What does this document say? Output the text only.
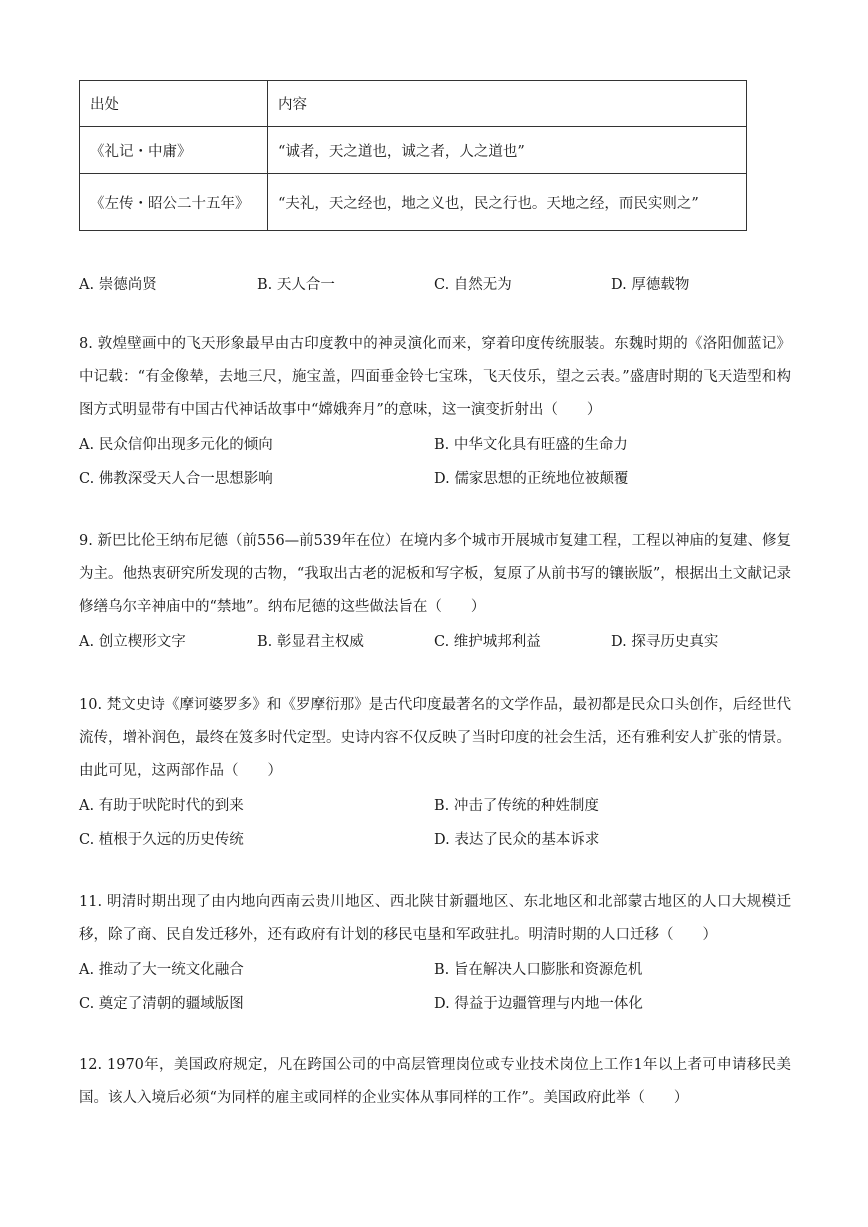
出处	内容
《礼记・中庸》	“诚者，天之道也，诚之者，人之道也”
《左传・昭公二十五年》	“夫礼，天之经也，地之义也，民之行也。天地之经，而民实则之”
A. 崇德尚贤	B. 天人合一	C. 自然无为	D. 厚德载物
8. 敦煌壁画中的飞天形象最早由古印度教中的神灵演化而来，穿着印度传统服装。东魏时期的《洛阳伽蓝记》中记载：“有金像辇，去地三尺，施宝盖，四面垂金铃七宝珠，飞天伎乐，望之云表。”盛唐时期的飞天造型和构图方式明显带有中国古代神话故事中“嫦娥奔月”的意味，这一演变折射出（　　）
A. 民众信仰出现多元化的倾向	B. 中华文化具有旺盛的生命力
C. 佛教深受天人合一思想影响	D. 儒家思想的正统地位被颠覆
9. 新巴比伦王纳布尼德（前556—前539年在位）在境内多个城市开展城市复建工程，工程以神庙的复建、修复为主。他热衷研究所发现的古物，“我取出古老的泥板和写字板，复原了从前书写的镶嵌版”，根据出土文献记录修缮乌尔辛神庙中的“禁地”。纳布尼德的这些做法旨在（　　）
A. 创立楔形文字	B. 彰显君主权威	C. 维护城邦利益	D. 探寻历史真实
10. 梵文史诗《摩诃婆罗多》和《罗摩衍那》是古代印度最著名的文学作品，最初都是民众口头创作，后经世代流传，增补润色，最终在笈多时代定型。史诗内容不仅反映了当时印度的社会生活，还有雅利安人扩张的情景。由此可见，这两部作品（　　）
A. 有助于吠陀时代的到来	B. 冲击了传统的种姓制度
C. 植根于久远的历史传统	D. 表达了民众的基本诉求
11. 明清时期出现了由内地向西南云贵川地区、西北陕甘新疆地区、东北地区和北部蒙古地区的人口大规模迁移，除了商、民自发迁移外，还有政府有计划的移民屯垦和军政驻扎。明清时期的人口迁移（　　）
A. 推动了大一统文化融合	B. 旨在解决人口膨胀和资源危机
C. 奠定了清朝的疆域版图	D. 得益于边疆管理与内地一体化
12. 1970年，美国政府规定，凡在跨国公司的中高层管理岗位或专业技术岗位上工作1年以上者可申请移民美国。该人入境后必须“为同样的雇主或同样的企业实体从事同样的工作”。美国政府此举（　　）
